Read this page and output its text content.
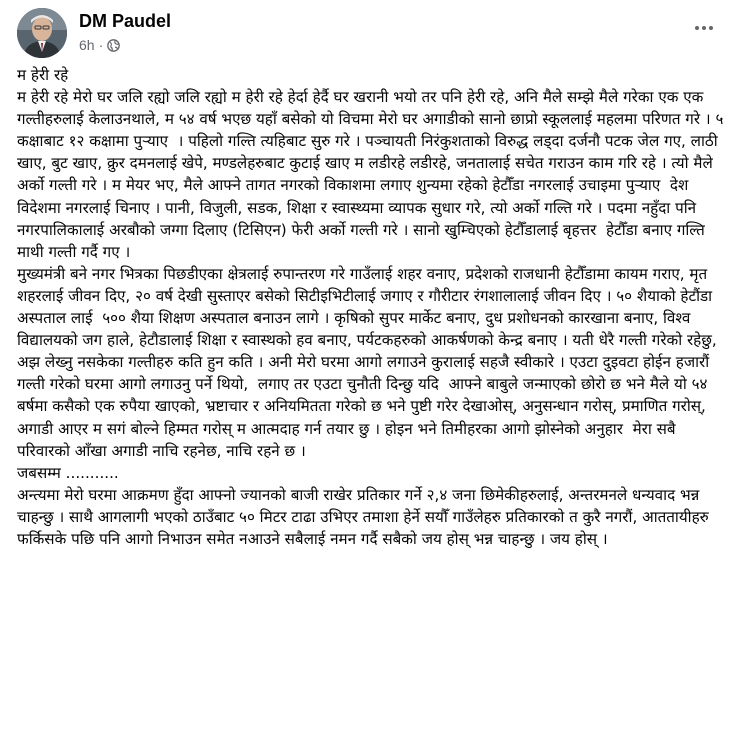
DM Paudel
6h ·

म हेरी रहे

म हेरी रहे मेरो घर जलि रह्यो जलि रह्यो म हेरी रहे हेर्दा हेर्दै घर खरानी भयो तर पनि हेरी रहे, अनि मैले सम्झे मैले गरेका एक एक गल्तीहरुलाई केलाउनथाले, म ५४ वर्ष भएछ यहाँ बसेको यो विचमा मेरो घर अगाडीको सानो छाप्रो स्कूललाई महलमा परिणत गरे । ५ कक्षाबाट १२ कक्षामा पुर्‍याए  । पहिलो गल्ति त्यहिबाट सुरु गरे । पञ्चायती निरंकुशताको विरुद्ध लड्दा दर्जनौ पटक जेल गए, लाठी  खाए, बुट खाए, क्रुर दमनलाई खेपे, मण्डलेहरुबाट कुटाई खाए म लडीरहे लडीरहे, जनतालाई सचेत गराउन काम गरि रहे । त्यो मैले अर्को गल्ती गरे । म मेयर भए, मैले आफ्ने तागत नगरको विकाशमा लगाए शुन्यमा रहेको हेटौँडा नगरलाई उचाइमा पुर्‍याए  देश विदेशमा नगरलाई चिनाए । पानी, विजुली, सडक, शिक्षा र स्वास्थ्यमा व्यापक सुधार गरे, त्यो अर्को गल्ति गरे । पदमा नहुँदा पनि नगरपालिकालाई अरबौको जग्गा दिलाए (टिसिएन) फेरी अर्को गल्ती गरे । सानो खुम्चिएको हेटौँडालाई बृहत्तर  हेटौँडा बनाए गल्ति माथी गल्ती गर्दै गए ।

मुख्यमंत्री बने नगर भित्रका पिछडीएका क्षेत्रलाई रुपान्तरण गरे गाउँलाई शहर वनाए, प्रदेशको राजधानी हेटौँडामा कायम गराए, मृत शहरलाई जीवन दिए, २० वर्ष देखी सुस्ताएर बसेको सिटीइभिटीलाई जगाए र गौरीटार रंगशालालाई जीवन दिए । ५० शैयाको हेटौंडा अस्पताल लाई  ५०० शैया शिक्षण अस्पताल बनाउन लागे । कृषिको सुपर मार्केट बनाए, दुध प्रशोधनको कारखाना बनाए, विश्व विद्यालयको जग हाले, हेटौडालाई शिक्षा र स्वास्थको हव बनाए, पर्यटकहरुको आकर्षणको केन्द्र बनाए । यती धेरै गल्ती गरेको रहेछु, अझ लेख्नु नसकेका गल्तीहरु कति हुन कति । अनी मेरो घरमा आगो लगाउने कुरालाई सहजै स्वीकारे । एउटा दुइवटा होईन हजारौं गल्ती गरेको घरमा आगो लगाउनु पर्ने थियो,  लगाए तर एउटा चुनौती दिन्छु यदि  आफ्ने बाबुले जन्माएको छोरो छ भने मैले यो ५४ बर्षमा कसैको एक रुपैया खाएको, भ्रष्टाचार र अनियमितता गरेको छ भने पुष्टी गरेर देखाओस्, अनुसन्धान गरोस्, प्रमाणित गरोस्, अगाडी आएर म सगं बोल्ने हिम्मत गरोस् म आत्मदाह गर्न तयार छु । होइन भने तिमीहरका आगो झोस्ने‌को अनुहार  मेरा सबै परिवारको आँखा अगाडी नाचि रहनेछ, नाचि रहने छ ।

जबसम्म ...........

अन्त्यमा मेरो घरमा आक्रमण हुँदा आफ्नो ज्यानको बाजी राखेर प्रतिकार गर्ने २,४ जना छिमेकीहरुलाई, अन्तरमनले धन्यवाद भन्न चाहन्छु । साथै आगलागी भएको ठाउँबाट ५० मिटर टाढा उभिएर तमाशा हेर्ने सयौँ गाउँलेहरु प्रतिकारको त कुरै नगरौं, आततायीहरु फर्किसके पछि पनि आगो निभाउन समेत नआउने सबैलाई नमन गर्दै सबैको जय होस् भन्न चाहन्छु । जय होस् ।
